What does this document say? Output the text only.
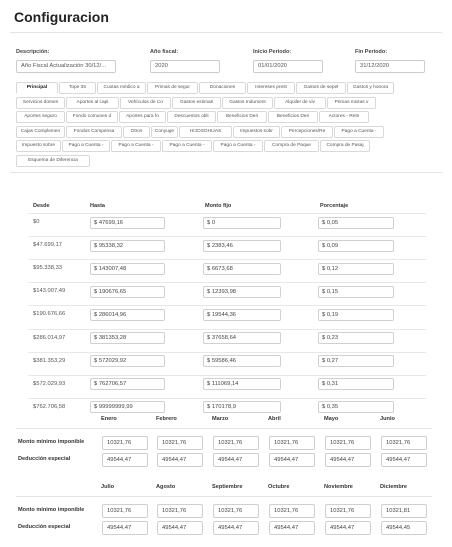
Configuracion
Descripción:
Año Fiscal Actualización 30/12/...
Año fiscal:
2020
Inicio Periodo:
01/01/2020
Fin Periodo:
31/12/2020
Principal	Tope 35	Cuotas médico a	Primas de segur	Donaciones	Intereses prest	Gastos de sepel	Gastos y honora
Servicios domes	Aportes al capi	Vehículos de Co	Gastos estimati	Gastos Indument	Alquiler de viv	Primas mixtas v
Aportes seguro	Fondo comunes d	Aportes para fo	Descuentos obli	Beneficios Deri	Beneficios Deri	Actores - Retri
Cajas Complemen	Fondos Compensa	Otros	Conyuge	HIJOSOHIJAS	Impuestos sobr	Percepciones/Re	Pago a Cuenta -
Impuesto sobre	Pago a Cuenta -	Pago a Cuenta -	Pago a Cuenta -	Pago a Cuenta -	Compra de Paque	Compra de Pasaj
Esquema de Diferencia
Desde	Hasta	Monto fijo	Porcentaje
$0	$ 47699,16	$ 0	$ 0,05
$47.699,17	$ 95338,32	$ 2383,46	$ 0,09
$95.338,33	$ 143007,48	$ 6673,68	$ 0,12
$143.007,49	$ 190676,65	$ 12393,98	$ 0,15
$190.676,66	$ 286014,96	$ 19544,36	$ 0,19
$286.014,97	$ 381353,28	$ 37658,64	$ 0,23
$381.353,29	$ 572029,92	$ 59586,46	$ 0,27
$572.029,93	$ 762706,57	$ 111069,14	$ 0,31
$762.706,58	$ 99999999,99	$ 170178,9	$ 0,35
Enero	Febrero	Marzo	Abril	Mayo	Junio
Monto mínimo imponible	10321,76	10321,76	10321,76	10321,76	10321,76	10321,76
Deducción especial	49544,47	49544,47	49544,47	49544,47	49544,47	49544,47
Julio	Agosto	Septiembre	Octubre	Noviembre	Diciembre
Monto mínimo imponible	10321,76	10321,76	10321,76	10321,76	10321,76	10321,81
Deducción especial	49544,47	49544,47	49544,47	49544,47	49544,47	49544,45
